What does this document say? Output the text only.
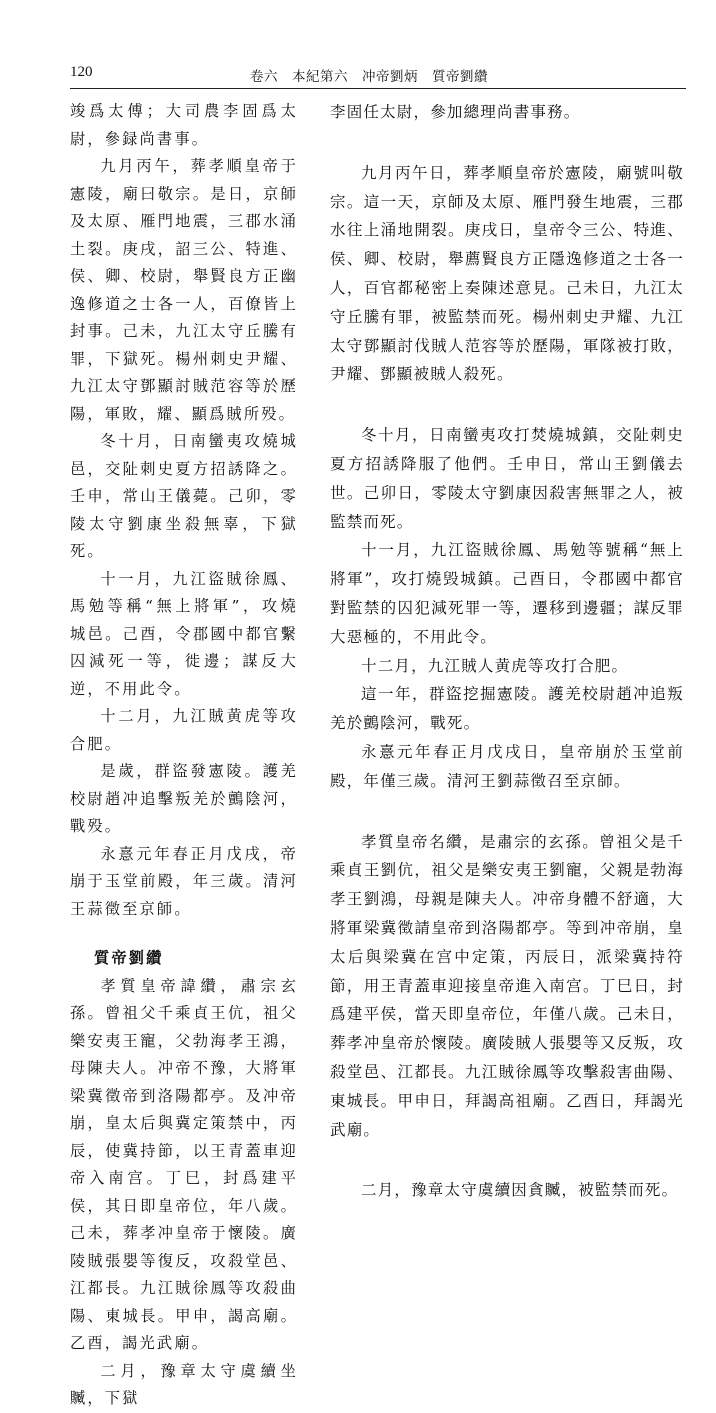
120	卷六　本紀第六　冲帝劉炳　質帝劉纘

竣爲太傅；大司農李固爲太尉，參録尚書事。

九月丙午，葬孝順皇帝于憲陵，廟曰敬宗。是日，京師及太原、雁門地震，三郡水涌土裂。庚戌，詔三公、特進、侯、卿、校尉，舉賢良方正幽逸修道之士各一人，百僚皆上封事。己未，九江太守丘騰有罪，下獄死。楊州刺史尹耀、九江太守鄧顯討賊范容等於歷陽，軍敗，耀、顯爲賊所殁。

冬十月，日南蠻夷攻燒城邑，交阯刺史夏方招誘降之。壬申，常山王儀薨。己卯，零陵太守劉康坐殺無辜，下獄死。

十一月，九江盜賊徐鳳、馬勉等稱“無上將軍”，攻燒城邑。己酉，令郡國中都官繫囚減死一等，徙邊；謀反大逆，不用此令。

十二月，九江賊黄虎等攻合肥。

是歲，群盜發憲陵。護羌校尉趙冲追擊叛羌於鸇陰河，戰殁。

永憙元年春正月戊戌，帝崩于玉堂前殿，年三歲。清河王蒜徵至京師。

質帝劉纘

孝質皇帝諱纘，肅宗玄孫。曾祖父千乘貞王伉，祖父樂安夷王寵，父勃海孝王鴻，母陳夫人。冲帝不豫，大將軍梁冀徵帝到洛陽都亭。及冲帝崩，皇太后與冀定策禁中，丙辰，使冀持節，以王青蓋車迎帝入南宫。丁巳，封爲建平侯，其日即皇帝位，年八歲。己未，葬孝冲皇帝于懷陵。廣陵賊張嬰等復反，攻殺堂邑、江都長。九江賊徐鳳等攻殺曲陽、東城長。甲申，謁高廟。乙酉，謁光武廟。

二月，豫章太守虞續坐贓，下獄

李固任太尉，參加總理尚書事務。

九月丙午日，葬孝順皇帝於憲陵，廟號叫敬宗。這一天，京師及太原、雁門發生地震，三郡水往上涌地開裂。庚戌日，皇帝令三公、特進、侯、卿、校尉，舉薦賢良方正隱逸修道之士各一人，百官都秘密上奏陳述意見。己未日，九江太守丘騰有罪，被監禁而死。楊州刺史尹耀、九江太守鄧顯討伐賊人范容等於歷陽，軍隊被打敗，尹耀、鄧顯被賊人殺死。

冬十月，日南蠻夷攻打焚燒城鎮，交阯刺史夏方招誘降服了他們。壬申日，常山王劉儀去世。己卯日，零陵太守劉康因殺害無罪之人，被監禁而死。

十一月，九江盜賊徐鳳、馬勉等號稱“無上將軍”，攻打燒毁城鎮。己酉日，令郡國中都官對監禁的囚犯減死罪一等，遷移到邊疆；謀反罪大惡極的，不用此令。

十二月，九江賊人黄虎等攻打合肥。

這一年，群盜挖掘憲陵。護羌校尉趙冲追叛羌於鸇陰河，戰死。

永憙元年春正月戊戌日，皇帝崩於玉堂前殿，年僅三歲。清河王劉蒜徵召至京師。

孝質皇帝名纘，是肅宗的玄孫。曾祖父是千乘貞王劉伉，祖父是樂安夷王劉寵，父親是勃海孝王劉鴻，母親是陳夫人。冲帝身體不舒適，大將軍梁冀徵請皇帝到洛陽都亭。等到冲帝崩，皇太后與梁冀在宫中定策，丙辰日，派梁冀持符節，用王青蓋車迎接皇帝進入南宫。丁巳日，封爲建平侯，當天即皇帝位，年僅八歲。己未日，葬孝冲皇帝於懷陵。廣陵賊人張嬰等又反叛，攻殺堂邑、江都長。九江賊徐鳳等攻擊殺害曲陽、東城長。甲申日，拜謁高祖廟。乙酉日，拜謁光武廟。

二月，豫章太守虞續因貪贓，被監禁而死。
